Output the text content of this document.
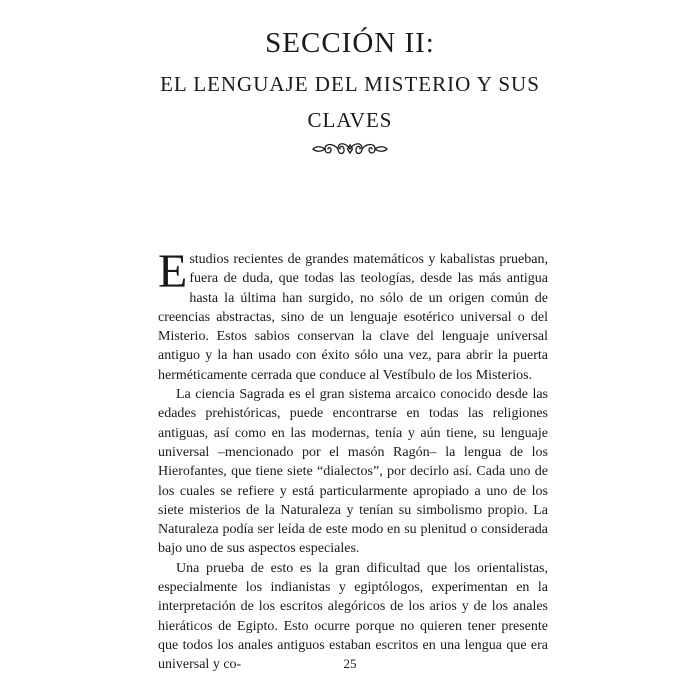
SECCIÓN II:
EL LENGUAJE DEL MISTERIO Y SUS
CLAVES

Estudios recientes de grandes matemáticos y kabalistas prueban, fuera de duda, que todas las teologías, desde las más antigua hasta la última han surgido, no sólo de un origen común de creencias abstractas, sino de un lenguaje esotérico universal o del Misterio. Estos sabios conservan la clave del lenguaje universal antiguo y la han usado con éxito sólo una vez, para abrir la puerta herméticamente cerrada que conduce al Vestíbulo de los Misterios.

La ciencia Sagrada es el gran sistema arcaico conocido desde las edades prehistóricas, puede encontrarse en todas las religiones antiguas, así como en las modernas, tenía y aún tiene, su lenguaje universal –mencionado por el masón Ragón– la lengua de los Hierofantes, que tiene siete “dialectos”, por decirlo así. Cada uno de los cuales se refiere y está particularmente apropiado a uno de los siete misterios de la Naturaleza y tenían su simbolismo propio. La Naturaleza podía ser leída de este modo en su plenitud o considerada bajo uno de sus aspectos especiales.

Una prueba de esto es la gran dificultad que los orientalistas, especialmente los indianistas y egiptólogos, experimentan en la interpretación de los escritos alegóricos de los arios y de los anales hieráticos de Egipto. Esto ocurre porque no quieren tener presente que todos los anales antiguos estaban escritos en una lengua que era universal y co-	25
